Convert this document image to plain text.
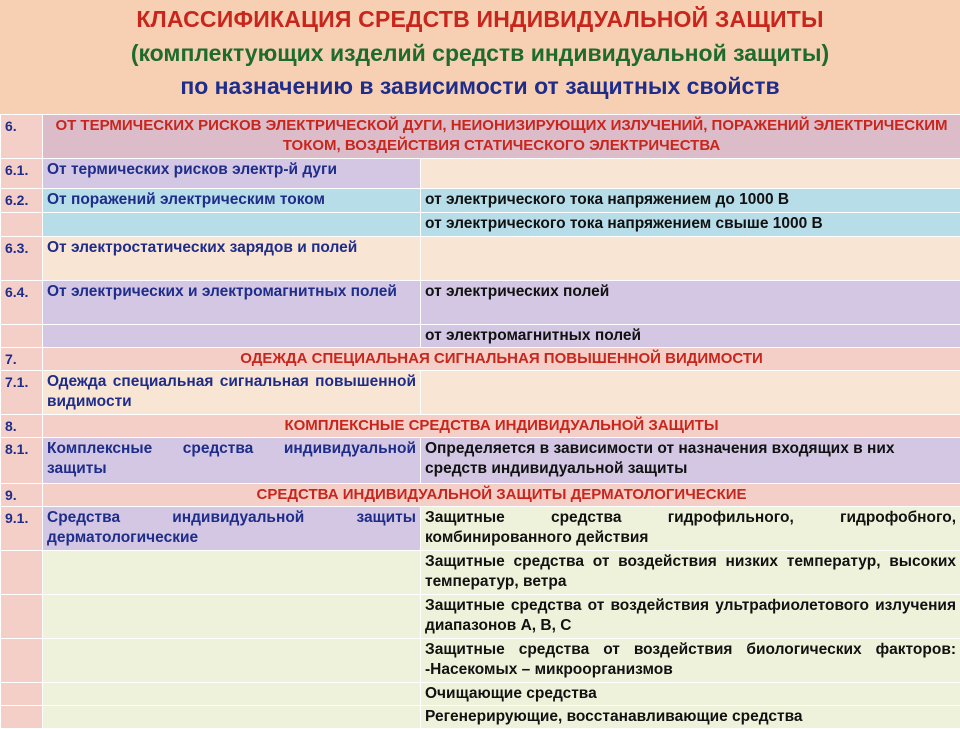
КЛАССИФИКАЦИЯ СРЕДСТВ ИНДИВИДУАЛЬНОЙ ЗАЩИТЫ
(комплектующих изделий средств индивидуальной защиты)
по назначению в зависимости от защитных свойств
6.	ОТ ТЕРМИЧЕСКИХ РИСКОВ ЭЛЕКТРИЧЕСКОЙ ДУГИ, НЕИОНИЗИРУЮЩИХ ИЗЛУЧЕНИЙ, ПОРАЖЕНИЙ ЭЛЕКТРИЧЕСКИМ ТОКОМ, ВОЗДЕЙСТВИЯ СТАТИЧЕСКОГО ЭЛЕКТРИЧЕСТВА	
6.1.	От термических рисков электр-й дуги	
6.2.	От поражений электрическим током	от электрического тока напряжением до 1000 В
		от электрического тока напряжением свыше 1000 В
6.3.	От электростатических зарядов и полей	
6.4.	От электрических и электромагнитных полей	от электрических полей
		от электромагнитных полей
7.	ОДЕЖДА СПЕЦИАЛЬНАЯ СИГНАЛЬНАЯ ПОВЫШЕННОЙ ВИДИМОСТИ	
7.1.	Одежда специальная сигнальная повышенной видимости	
8.	КОМПЛЕКСНЫЕ СРЕДСТВА ИНДИВИДУАЛЬНОЙ ЗАЩИТЫ	
8.1.	Комплексные средства индивидуальной защиты	Определяется в зависимости от назначения входящих в них средств индивидуальной защиты
9.	СРЕДСТВА ИНДИВИДУАЛЬНОЙ ЗАЩИТЫ ДЕРМАТОЛОГИЧЕСКИЕ	
9.1.	Средства индивидуальной защиты дерматологические	Защитные средства гидрофильного, гидрофобного, комбинированного действия
		Защитные средства от воздействия низких температур, высоких температур, ветра
		Защитные средства от воздействия ультрафиолетового излучения диапазонов А, В, С
		Защитные средства от воздействия биологических факторов: -Насекомых – микроорганизмов
		Очищающие средства
		Регенерирующие, восстанавливающие средства
